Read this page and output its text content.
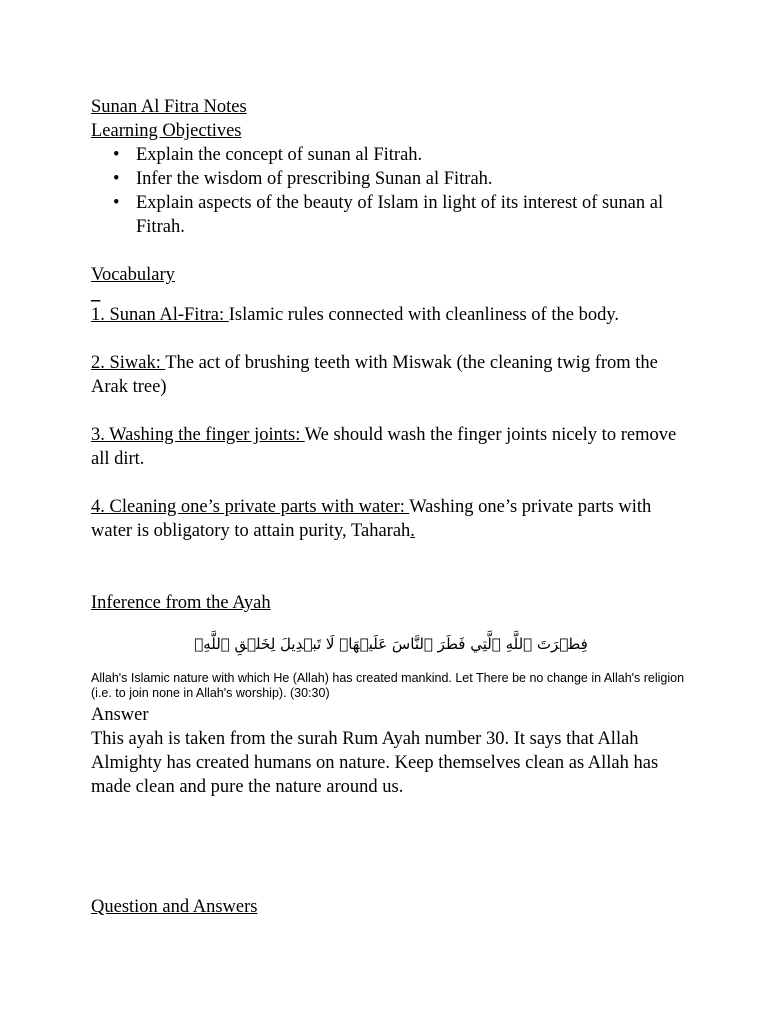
Sunan Al Fitra Notes
Learning Objectives
• Explain the concept of sunan al Fitrah.
• Infer the wisdom of prescribing Sunan al Fitrah.
• Explain aspects of the beauty of Islam in light of its interest of sunan al Fitrah.
Vocabulary
_
1. Sunan Al-Fitra: Islamic rules connected with cleanliness of the body.
2. Siwak: The act of brushing teeth with Miswak (the cleaning twig from the Arak tree)
3. Washing the finger joints: We should wash the finger joints nicely to remove all dirt.
4. Cleaning one’s private parts with water: Washing one’s private parts with water is obligatory to attain purity, Taharah.
Inference from the Ayah
فِطۡرَتَ ٱللَّهِ ٱلَّتِي فَطَرَ ٱلنَّاسَ عَلَيۡهَاۚ لَا تَبۡدِيلَ لِخَلۡقِ ٱللَّهِۚ
Allah's Islamic nature with which He (Allah) has created mankind. Let There be no change in Allah's religion (i.e. to join none in Allah's worship). (30:30)
Answer
This ayah is taken from the surah Rum Ayah number 30. It says that Allah Almighty has created humans on nature. Keep themselves clean as Allah has made clean and pure the nature around us.
Question and Answers
